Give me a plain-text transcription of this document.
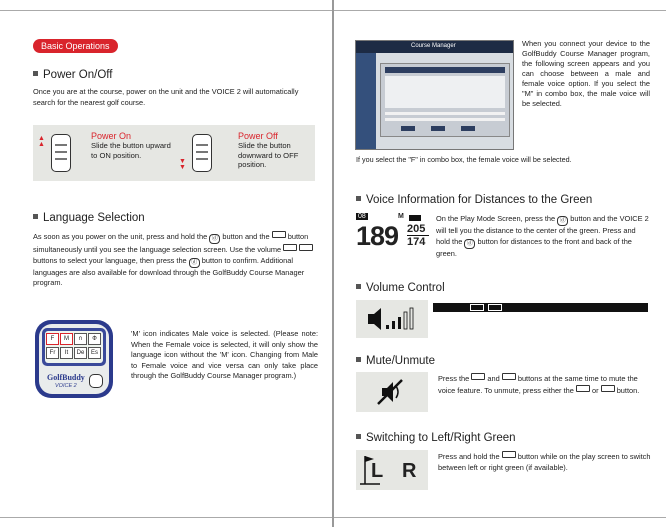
Basic Operations
Power On/Off
Once you are at the course, power on the unit and the VOICE 2 will automatically search for the nearest golf course.
▲
▲
Power On
Slide the button upward to ON position.
▼
▼
Power Off
Slide the button downward to OFF position.
Language Selection
As soon as you power on the unit, press and hold the ⓓ button and the button simultaneously until you see the language selection screen. Use the volume   buttons to select your language, then press the ⓓ button to confirm. Additional languages are also available for download through the GolfBuddy Course Manager program.
F M ก Ф Fr It De Es
GolfBuddy
VOICE 2
'M' icon indicates Male voice is selected. (Please note: When the Female voice is selected, it will only show the language icon without the 'M' icon. Changing from Male to Female voice and vice versa can only take place through the GolfBuddy Course Manager program.)
Course Manager	When you connect your device to the GolfBuddy Course Manager program, the following screen appears and you can choose between a male and female voice option. If you select the "M" in combo box, the male voice will be selected.
If you select the "F" in combo box, the female voice will be selected.
Voice Information for Distances to the Green
08	M
189 205
174
On the Play Mode Screen, press the ⓓ button and the VOICE 2 will tell you the distance to the center of the green. Press and hold the ⓓ button for distances to the front and back of the green.
Volume Control
Mute/Unmute
Press the and buttons at the same time to mute the voice feature. To unmute, press either the or button.
Switching to Left/Right Green
L R
Press and hold the button while on the play screen to switch between left or right green (if available).
